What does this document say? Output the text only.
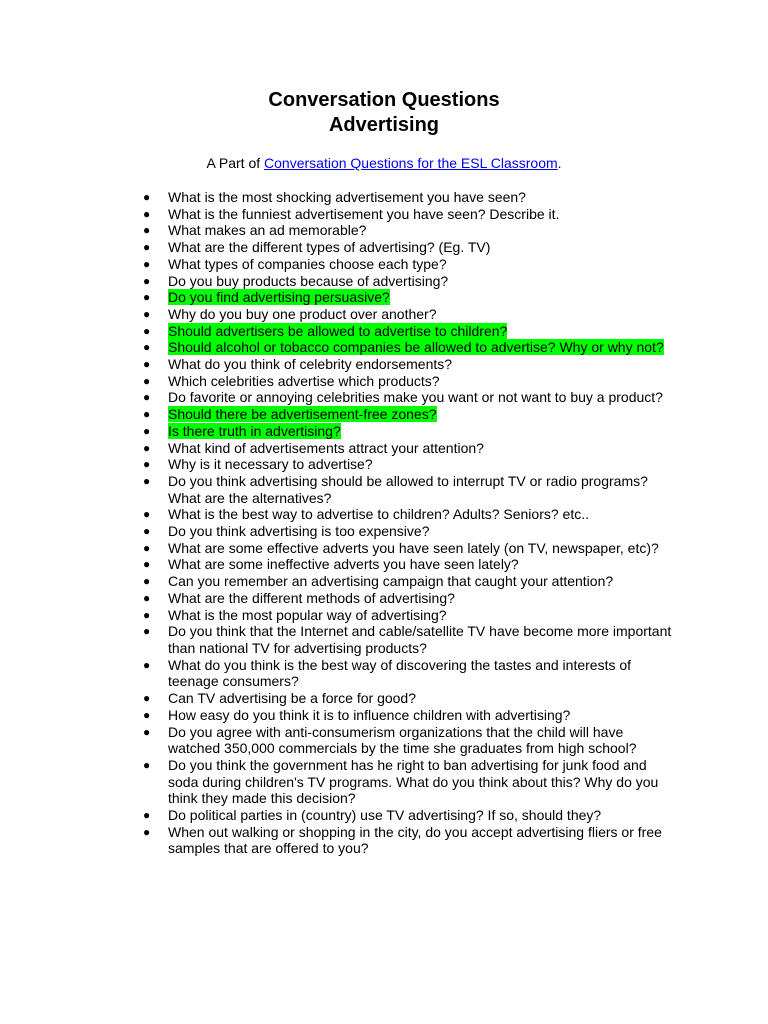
Conversation Questions
Advertising
A Part of Conversation Questions for the ESL Classroom.
● What is the most shocking advertisement you have seen?
● What is the funniest advertisement you have seen? Describe it.
● What makes an ad memorable?
● What are the different types of advertising? (Eg. TV)
● What types of companies choose each type?
● Do you buy products because of advertising?
● Do you find advertising persuasive?
● Why do you buy one product over another?
● Should advertisers be allowed to advertise to children?
● Should alcohol or tobacco companies be allowed to advertise? Why or why not?
● What do you think of celebrity endorsements?
● Which celebrities advertise which products?
● Do favorite or annoying celebrities make you want or not want to buy a product?
● Should there be advertisement-free zones?
● Is there truth in advertising?
● What kind of advertisements attract your attention?
● Why is it necessary to advertise?
● Do you think advertising should be allowed to interrupt TV or radio programs? What are the alternatives?
● What is the best way to advertise to children? Adults? Seniors? etc..
● Do you think advertising is too expensive?
● What are some effective adverts you have seen lately (on TV, newspaper, etc)?
● What are some ineffective adverts you have seen lately?
● Can you remember an advertising campaign that caught your attention?
● What are the different methods of advertising?
● What is the most popular way of advertising?
● Do you think that the Internet and cable/satellite TV have become more important than national TV for advertising products?
● What do you think is the best way of discovering the tastes and interests of teenage consumers?
● Can TV advertising be a force for good?
● How easy do you think it is to influence children with advertising?
● Do you agree with anti-consumerism organizations that the child will have watched 350,000 commercials by the time she graduates from high school?
● Do you think the government has he right to ban advertising for junk food and soda during children's TV programs. What do you think about this? Why do you think they made this decision?
● Do political parties in (country) use TV advertising? If so, should they?
● When out walking or shopping in the city, do you accept advertising fliers or free samples that are offered to you?
